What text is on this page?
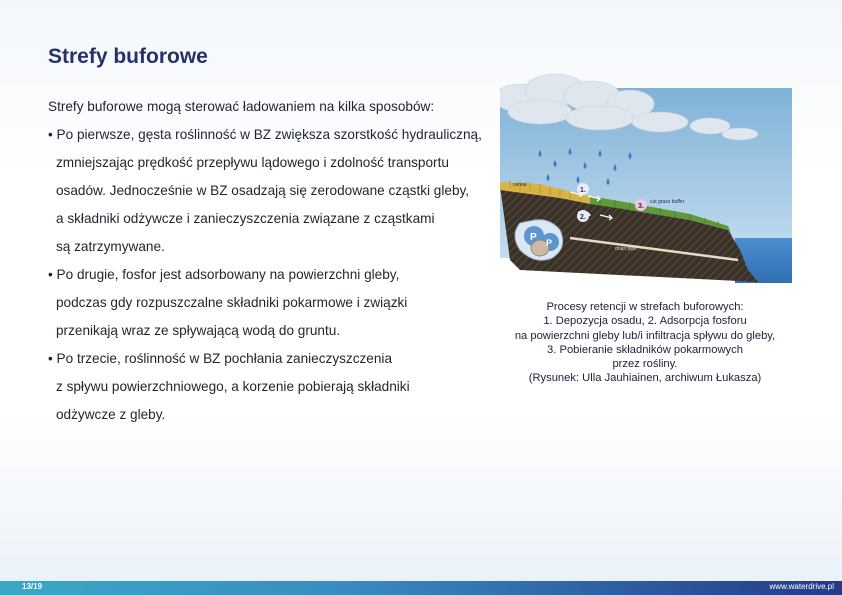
Strefy buforowe
Strefy buforowe mogą sterować ładowaniem na kilka sposobów:
• Po pierwsze, gęsta roślinność w BZ zwiększa szorstkość hydrauliczną,
zmniejszając prędkość przepływu lądowego i zdolność transportu
osadów. Jednocześnie w BZ osadzają się zerodowane cząstki gleby,
a składniki odżywcze i zanieczyszczenia związane z cząstkami
są zatrzymywane.
• Po drugie, fosfor jest adsorbowany na powierzchni gleby,
podczas gdy rozpuszczalne składniki pokarmowe i związki
przenikają wraz ze spływającą wodą do gruntu.
• Po trzecie, roślinność w BZ pochłania zanieczyszczenia
z spływu powierzchniowego, a korzenie pobierają składniki
odżywcze z gleby.
P P
1.
2.
3.
cereal
cut grass buffer
drain pipe
Procesy retencji w strefach buforowych:
1. Depozycja osadu, 2. Adsorpcja fosforu
na powierzchni gleby lub/i infiltracja spływu do gleby,
3. Pobieranie składników pokarmowych
przez rośliny.
(Rysunek: Ulla Jauhiainen, archiwum Łukasza)
13/19	www.waterdrive.pl
